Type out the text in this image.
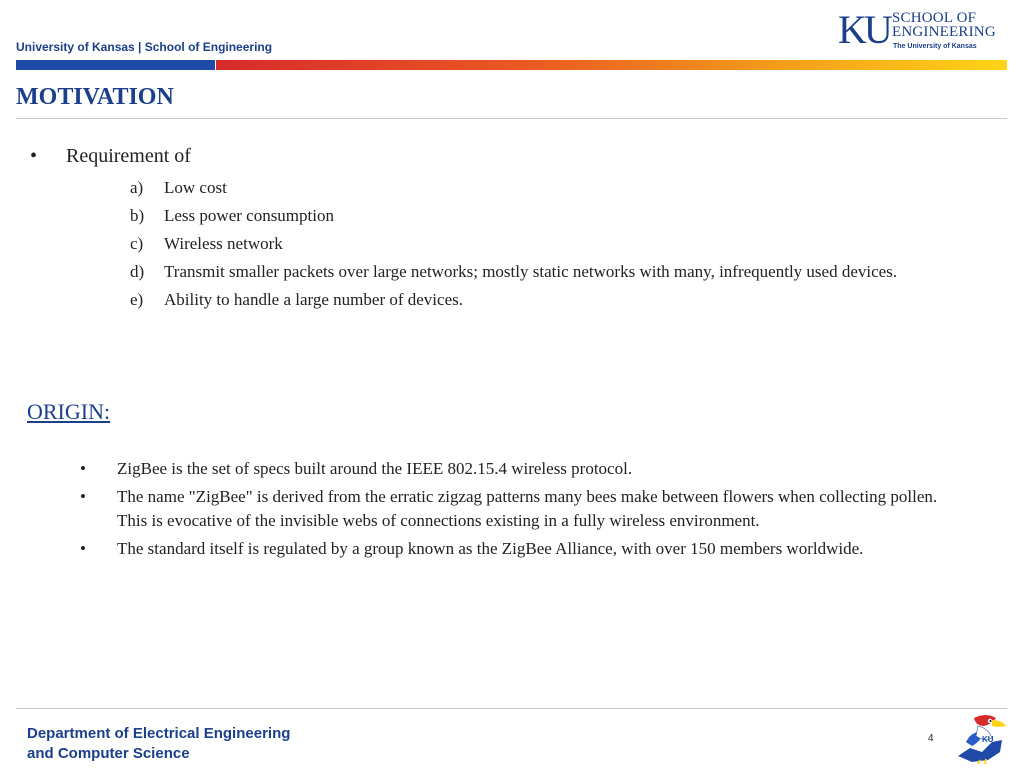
University of Kansas | School of Engineering	KU SCHOOL OF
ENGINEERING
The University of Kansas
MOTIVATION
• Requirement of
a)	Low cost
b)	Less power consumption
c)	Wireless network
d)	Transmit smaller packets over large networks; mostly static networks with many, infrequently used devices.
e)	Ability to handle a large number of devices.
ORIGIN:
•	ZigBee is the set of specs built around the IEEE 802.15.4 wireless protocol.
•	The name "ZigBee" is derived from the erratic zigzag patterns many bees make between flowers when collecting pollen. This is evocative of the invisible webs of connections existing in a fully wireless environment.
•	The standard itself is regulated by a group known as the ZigBee Alliance, with over 150 members worldwide.
Department of Electrical Engineering
and Computer Science
4	KU
